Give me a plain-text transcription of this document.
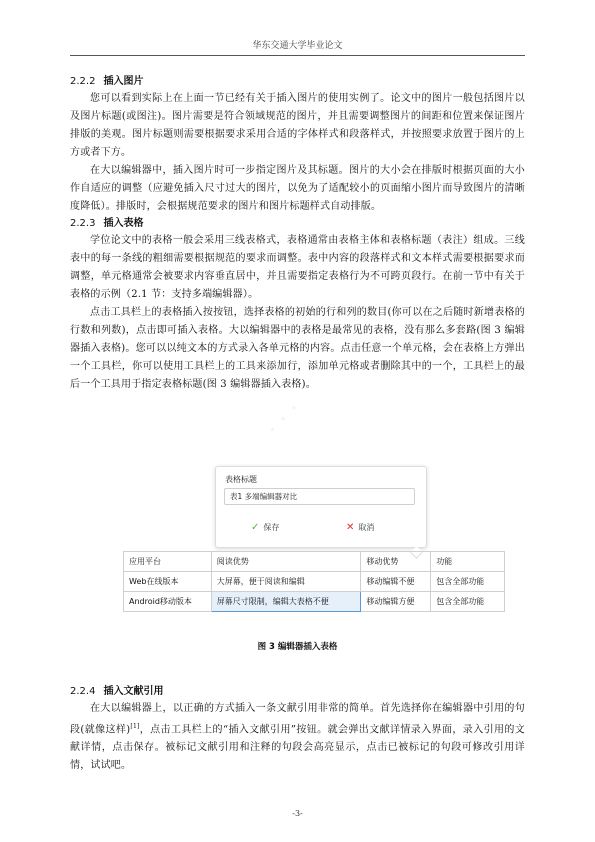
华东交通大学毕业论文
· · ·
2.2.2 插入图片

您可以看到实际上在上面一节已经有关于插入图片的使用实例了。论文中的图片一般包括图片以及图片标题(或图注)。图片需要是符合领域规范的图片，并且需要调整图片的间距和位置来保证图片排版的美观。图片标题则需要根据要求采用合适的字体样式和段落样式，并按照要求放置于图片的上方或者下方。

在大以编辑器中，插入图片时可一步指定图片及其标题。图片的大小会在排版时根据页面的大小作自适应的调整（应避免插入尺寸过大的图片，以免为了适配较小的页面缩小图片而导致图片的清晰度降低）。排版时，会根据规范要求的图片和图片标题样式自动排版。

2.2.3 插入表格

学位论文中的表格一般会采用三线表格式，表格通常由表格主体和表格标题（表注）组成。三线表中的每一条线的粗细需要根据规范的要求而调整。表中内容的段落样式和文本样式需要根据要求而调整，单元格通常会被要求内容垂直居中，并且需要指定表格行为不可跨页段行。在前一节中有关于表格的示例（2.1 节：支持多端编辑器）。

点击工具栏上的表格插入按按钮，选择表格的初始的行和列的数目(你可以在之后随时新增表格的行数和列数)，点击即可插入表格。大以编辑器中的表格是最常见的表格，没有那么多套路(图 3 编辑器插入表格)。您可以以纯文本的方式录入各单元格的内容。点击任意一个单元格，会在表格上方弹出一个工具栏，你可以使用工具栏上的工具来添加行，添加单元格或者删除其中的一个，工具栏上的最后一个工具用于指定表格标题(图 3 编辑器插入表格)。

表格标题
表1 多端编辑器对比
✓ 保存	✕ 取消
应用平台	阅读优势	移动优势	功能
Web在线版本	大屏幕，便于阅读和编辑	移动编辑不便	包含全部功能
Android移动版本	屏幕尺寸限制，编辑大表格不便	移动编辑方便	包含全部功能
图 3 编辑器插入表格
2.2.4 插入文献引用

在大以编辑器上，以正确的方式插入一条文献引用非常的简单。首先选择你在编辑器中引用的句段(就像这样)[1]，点击工具栏上的“插入文献引用”按钮。就会弹出文献详情录入界面，录入引用的文献详情，点击保存。被标记文献引用和注释的句段会高亮显示，点击已被标记的句段可修改引用详情，试试吧。

-3-
